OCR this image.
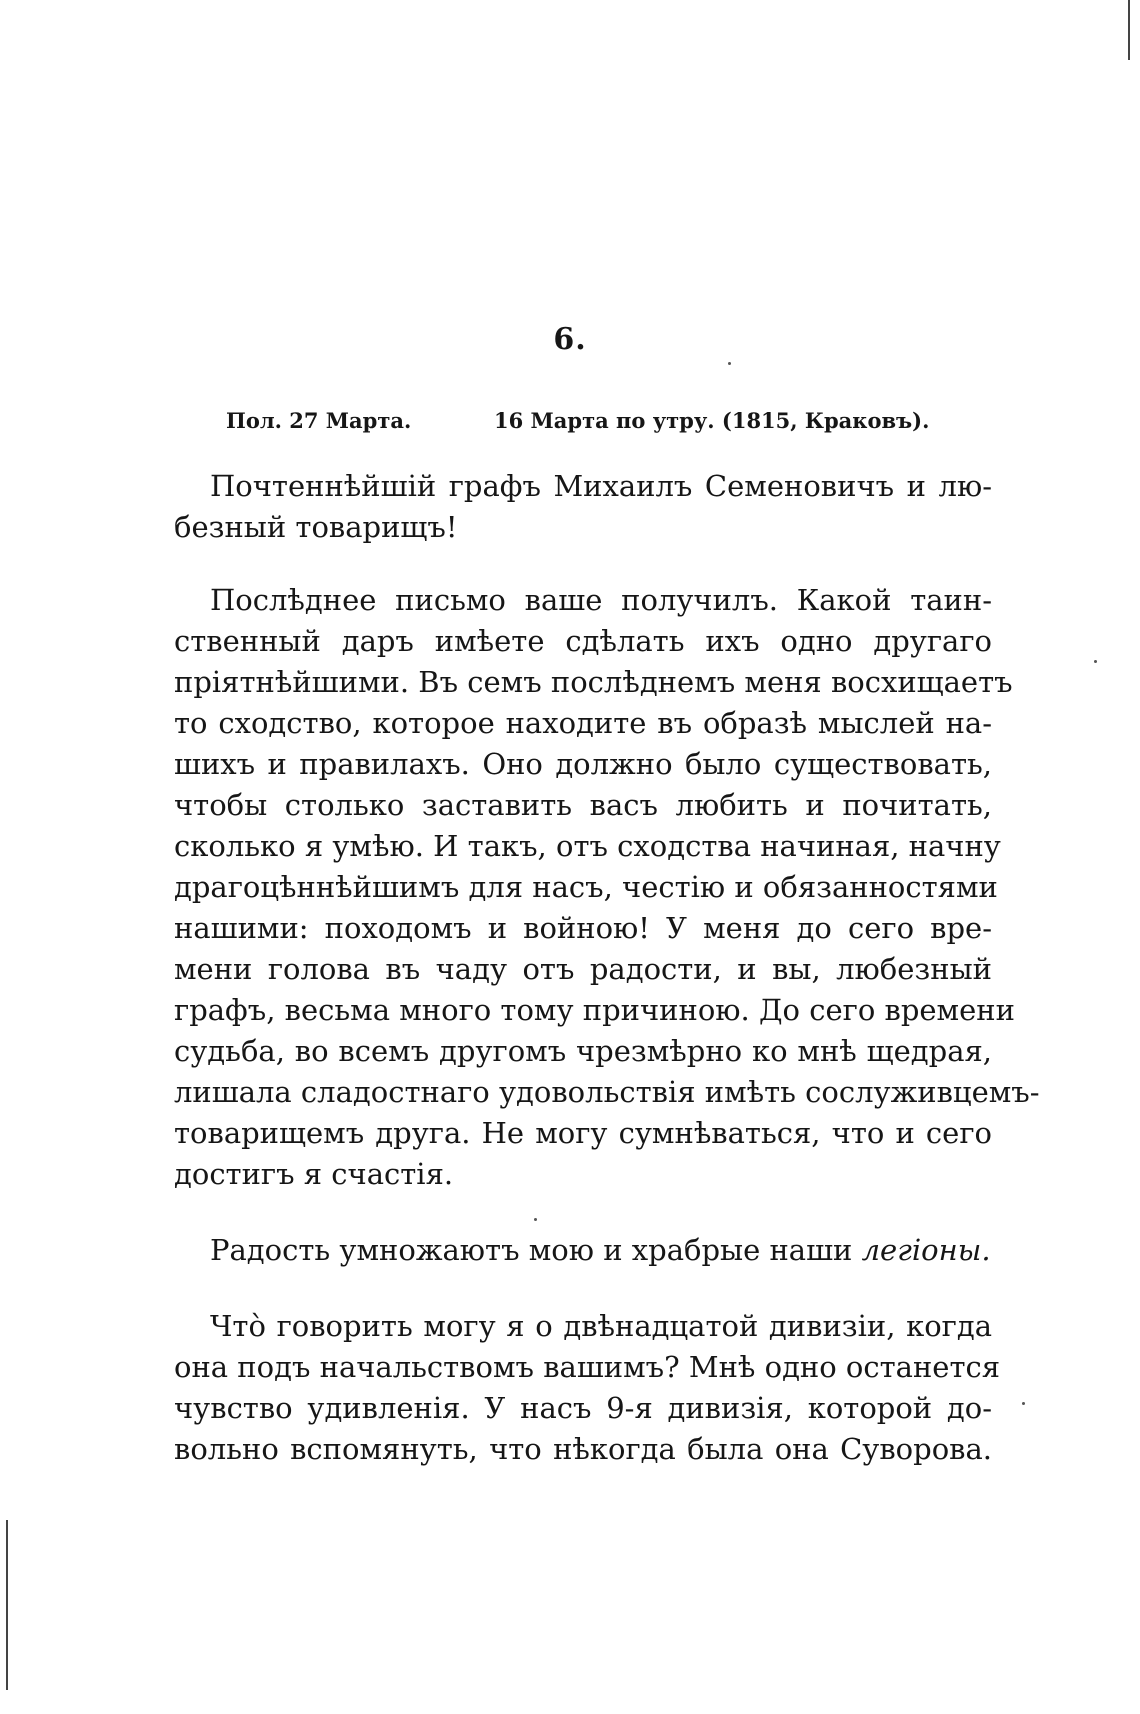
6.
Пол. 27 Марта.	16 Марта по утру. (1815, Краковъ).
Почтеннѣйшій графъ Михаилъ Семеновичъ и лю-
безный товарищъ!
Послѣднее письмо ваше получилъ. Какой таин-
ственный даръ имѣете сдѣлать ихъ одно другаго
пріятнѣйшими. Въ семъ послѣднемъ меня восхищаетъ
то сходство, которое находите въ образѣ мыслей на-
шихъ и правилахъ. Оно должно было существовать,
чтобы столько заставить васъ любить и почитать,
сколько я умѣю. И такъ, отъ сходства начиная, начну
драгоцѣннѣйшимъ для насъ, честію и обязанностями
нашими: походомъ и войною! У меня до сего вре-
мени голова въ чаду отъ радости, и вы, любезный
графъ, весьма много тому причиною. До сего времени
судьба, во всемъ другомъ чрезмѣрно ко мнѣ щедрая,
лишала сладостнаго удовольствія имѣть сослуживцемъ-
товарищемъ друга. Не могу сумнѣваться, что и сего
достигъ я счастія.
Радость умножаютъ мою и храбрые наши легіоны.
Чтò говорить могу я о двѣнадцатой дивизіи, когда
она подъ начальствомъ вашимъ? Мнѣ одно останется
чувство удивленія. У насъ 9-я дивизія, которой до-
вольно вспомянуть, что нѣкогда была она Суворова.
